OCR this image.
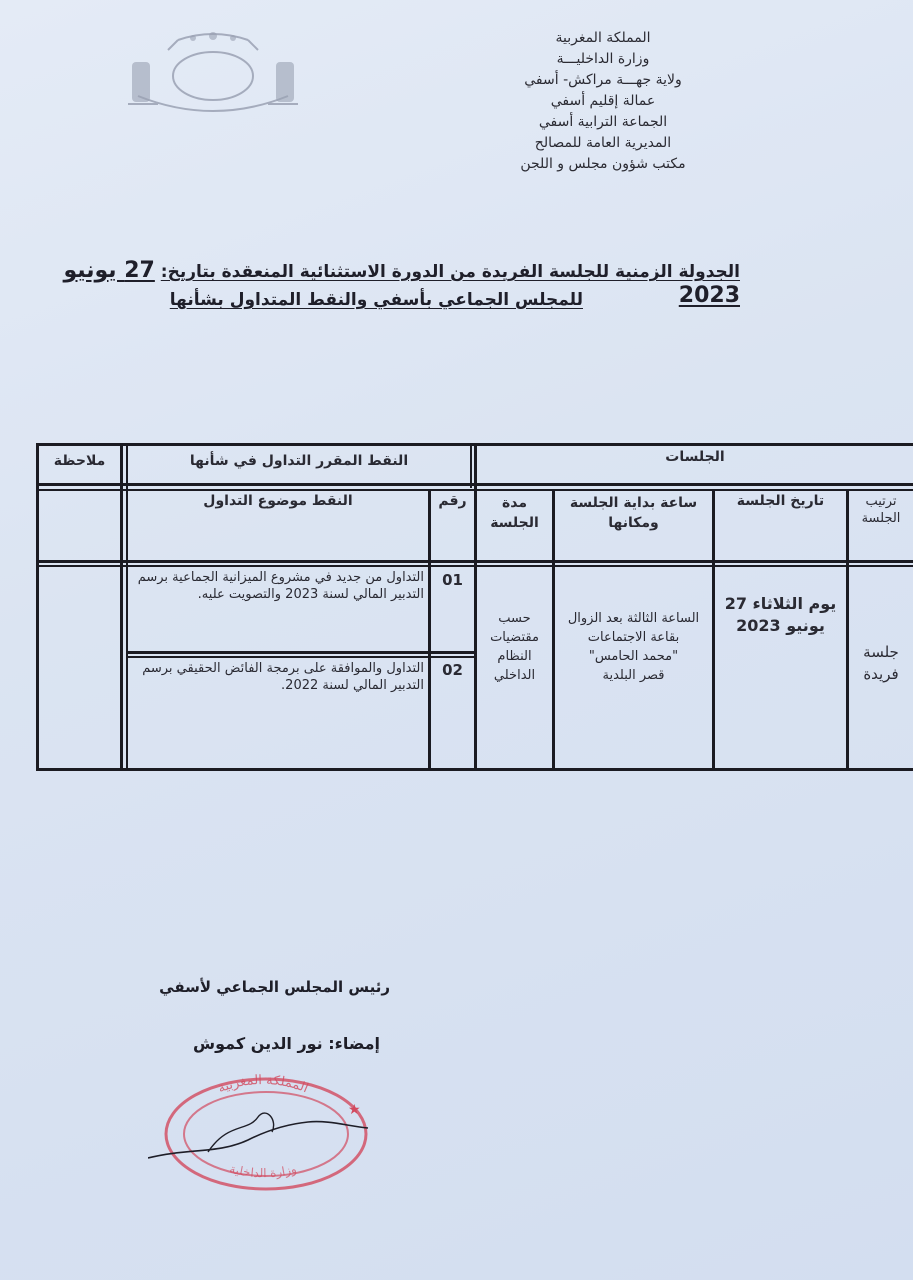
المملكة المغربية
وزارة الداخليـــة
ولاية جهـــة مراكش- أسفي
عمالة إقليم أسفي
الجماعة الترابية أسفي
المديرية العامة للمصالح
مكتب شؤون مجلس و اللجن
الجدولة الزمنية للجلسة الفريدة من الدورة الاستثنائية المنعقدة بتاريخ: 27 يونيو 2023
للمجلس الجماعي بأسفي والنقط المتداول بشأنها
الجلسات
النقط المقرر التداول في شأنها
ملاحظة
ترتيب الجلسة
تاريخ الجلسة
ساعة بداية الجلسة ومكانها
مدة الجلسة
رقم
النقط موضوع التداول
جلسة فريدة
يوم الثلاثاء 27
يونيو 2023
الساعة الثالثة بعد الزوال
بقاعة الاجتماعات
"محمد الحامس"
قصر البلدية
حسب مقتضيات النظام الداخلي
01
التداول من جديد في مشروع الميزانية الجماعية برسم التدبير المالي لسنة 2023 والتصويت عليه.
02
التداول والموافقة على برمجة الفائض الحقيقي برسم التدبير المالي لسنة 2022.
رئيس المجلس الجماعي لأسفي
إمضاء: نور الدين كموش
المملكة المغربية
وزارة الداخلية
★
